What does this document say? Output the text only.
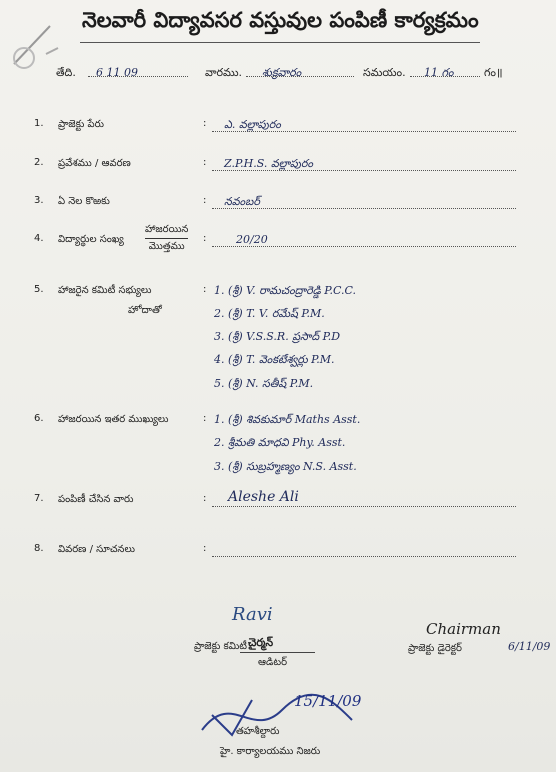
నెలవారీ విద్యావసర వస్తువుల పంపిణీ కార్యక్రమం
తేది. 6 11 09	వారము. శుక్రవారం	సమయం. 11 గం	గం॥
1. ప్రాజెక్టు పేరు	: ఎ. వల్లాపురం
2. ప్రవేశము / ఆవరణ	: Z.P.H.S. వల్లాపురం
3. ఏ నెల కొఱకు	: నవంబర్
4. విద్యార్థుల సంఖ్య
హాజరయిన
మొత్తము
:	20/20
5. హాజరైన కమిటీ సభ్యులు
హోదాతో
: 1. (శ్రీ) V. రామచంద్రారెడ్డి P.C.C.
2. (శ్రీ) T. V. రమేష్ P.M.
3. (శ్రీ) V.S.S.R. ప్రసాద్ P.D
4. (శ్రీ) T. వెంకటేశ్వర్లు P.M.
5. (శ్రీ) N. సతీష్ P.M.
6. హాజరయిన ఇతర ముఖ్యులు	: 1. (శ్రీ) శివకుమార్ Maths Asst.
2. శ్రీమతి మాధవి Phy. Asst.
3. (శ్రీ) సుబ్రహ్మణ్యం N.S. Asst.
7. పంపిణీ చేసిన వారు	: Aleshe Ali
8. వివరణ / సూచనలు	:
Ravi
చైర్మన్
ప్రాజెక్టు కమిటీ
ఆడిటర్
Chairman
ప్రాజెక్టు డైరెక్టర్	6/11/09
15/11/09
తహశీల్దారు
హై. కార్యాలయము నిజరు
